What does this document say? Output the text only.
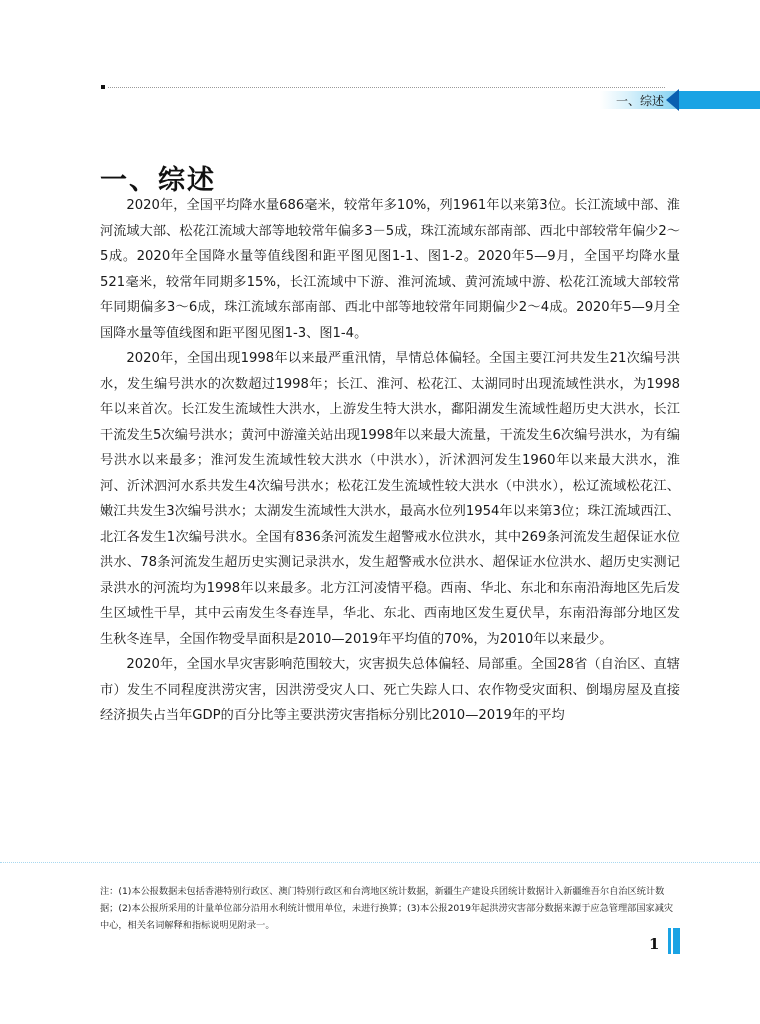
一、综述
一、综述

2020年，全国平均降水量686毫米，较常年多10%，列1961年以来第3位。长江流域中部、淮河流域大部、松花江流域大部等地较常年偏多3－5成，珠江流域东部南部、西北中部较常年偏少2～5成。2020年全国降水量等值线图和距平图见图1-1、图1-2。2020年5—9月，全国平均降水量521毫米，较常年同期多15%，长江流域中下游、淮河流域、黄河流域中游、松花江流域大部较常年同期偏多3～6成，珠江流域东部南部、西北中部等地较常年同期偏少2～4成。2020年5—9月全国降水量等值线图和距平图见图1-3、图1-4。

2020年，全国出现1998年以来最严重汛情，旱情总体偏轻。全国主要江河共发生21次编号洪水，发生编号洪水的次数超过1998年；长江、淮河、松花江、太湖同时出现流域性洪水，为1998年以来首次。长江发生流域性大洪水，上游发生特大洪水，鄱阳湖发生流域性超历史大洪水，长江干流发生5次编号洪水；黄河中游潼关站出现1998年以来最大流量，干流发生6次编号洪水，为有编号洪水以来最多；淮河发生流域性较大洪水（中洪水），沂沭泗河发生1960年以来最大洪水，淮河、沂沭泗河水系共发生4次编号洪水；松花江发生流域性较大洪水（中洪水），松辽流域松花江、嫩江共发生3次编号洪水；太湖发生流域性大洪水，最高水位列1954年以来第3位；珠江流域西江、北江各发生1次编号洪水。全国有836条河流发生超警戒水位洪水，其中269条河流发生超保证水位洪水、78条河流发生超历史实测记录洪水，发生超警戒水位洪水、超保证水位洪水、超历史实测记录洪水的河流均为1998年以来最多。北方江河凌情平稳。西南、华北、东北和东南沿海地区先后发生区域性干旱，其中云南发生冬春连旱，华北、东北、西南地区发生夏伏旱，东南沿海部分地区发生秋冬连旱，全国作物受旱面积是2010—2019年平均值的70%，为2010年以来最少。

2020年，全国水旱灾害影响范围较大，灾害损失总体偏轻、局部重。全国28省（自治区、直辖市）发生不同程度洪涝灾害，因洪涝受灾人口、死亡失踪人口、农作物受灾面积、倒塌房屋及直接经济损失占当年GDP的百分比等主要洪涝灾害指标分别比2010—2019年的平均

注：(1)本公报数据未包括香港特别行政区、澳门特别行政区和台湾地区统计数据，新疆生产建设兵团统计数据计入新疆维吾尔自治区统计数据；(2)本公报所采用的计量单位部分沿用水利统计惯用单位，未进行换算；(3)本公报2019年起洪涝灾害部分数据来源于应急管理部国家减灾中心，相关名词解释和指标说明见附录一。
1
